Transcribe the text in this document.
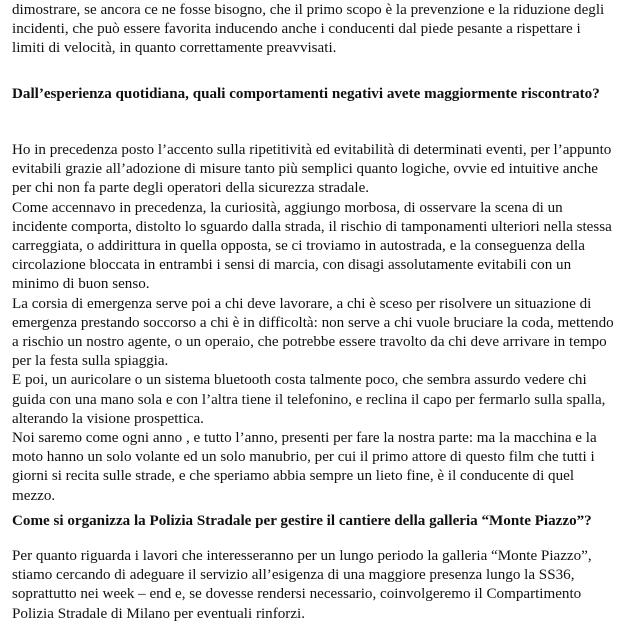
dimostrare, se ancora ce ne fosse bisogno, che il primo scopo è la prevenzione e la riduzione degli incidenti, che può essere favorita inducendo anche i conducenti dal piede pesante a rispettare i limiti di velocità, in quanto correttamente preavvisati.

Dall’esperienza quotidiana, quali comportamenti negativi avete maggiormente riscontrato?

Ho in precedenza posto l’accento sulla ripetitività ed evitabilità di determinati eventi, per l’appunto evitabili grazie all’adozione di misure tanto più semplici quanto logiche, ovvie ed intuitive anche per chi non fa parte degli operatori della sicurezza stradale.

Come accennavo in precedenza, la curiosità, aggiungo morbosa, di osservare la scena di un incidente comporta, distolto lo sguardo dalla strada, il rischio di tamponamenti ulteriori nella stessa carreggiata, o addirittura in quella opposta, se ci troviamo in autostrada, e la conseguenza della circolazione bloccata in entrambi i sensi di marcia, con disagi assolutamente evitabili con un minimo di buon senso.

La corsia di emergenza serve poi a chi deve lavorare, a chi è sceso per risolvere un situazione di emergenza prestando soccorso a chi è in difficoltà: non serve a chi vuole bruciare la coda, mettendo a rischio un nostro agente, o un operaio, che potrebbe essere travolto da chi deve arrivare in tempo per la festa sulla spiaggia.

E poi, un auricolare o un sistema bluetooth costa talmente poco, che sembra assurdo vedere chi guida con una mano sola e con l’altra tiene il telefonino, e reclina il capo per fermarlo sulla spalla, alterando la visione prospettica.

Noi saremo come ogni anno , e tutto l’anno, presenti per fare la nostra parte: ma la macchina e la moto hanno un solo volante ed un solo manubrio, per cui il primo attore di questo film che tutti i giorni si recita sulle strade, e che speriamo abbia sempre un lieto fine, è il conducente di quel mezzo.

Come si organizza la Polizia Stradale per gestire il cantiere della galleria “Monte Piazzo”?

Per quanto riguarda i lavori che interesseranno per un lungo periodo la galleria “Monte Piazzo”, stiamo cercando di adeguare il servizio all’esigenza di una maggiore presenza lungo la SS36, soprattutto nei week – end e, se dovesse rendersi necessario, coinvolgeremo il Compartimento Polizia Stradale di Milano per eventuali rinforzi.
